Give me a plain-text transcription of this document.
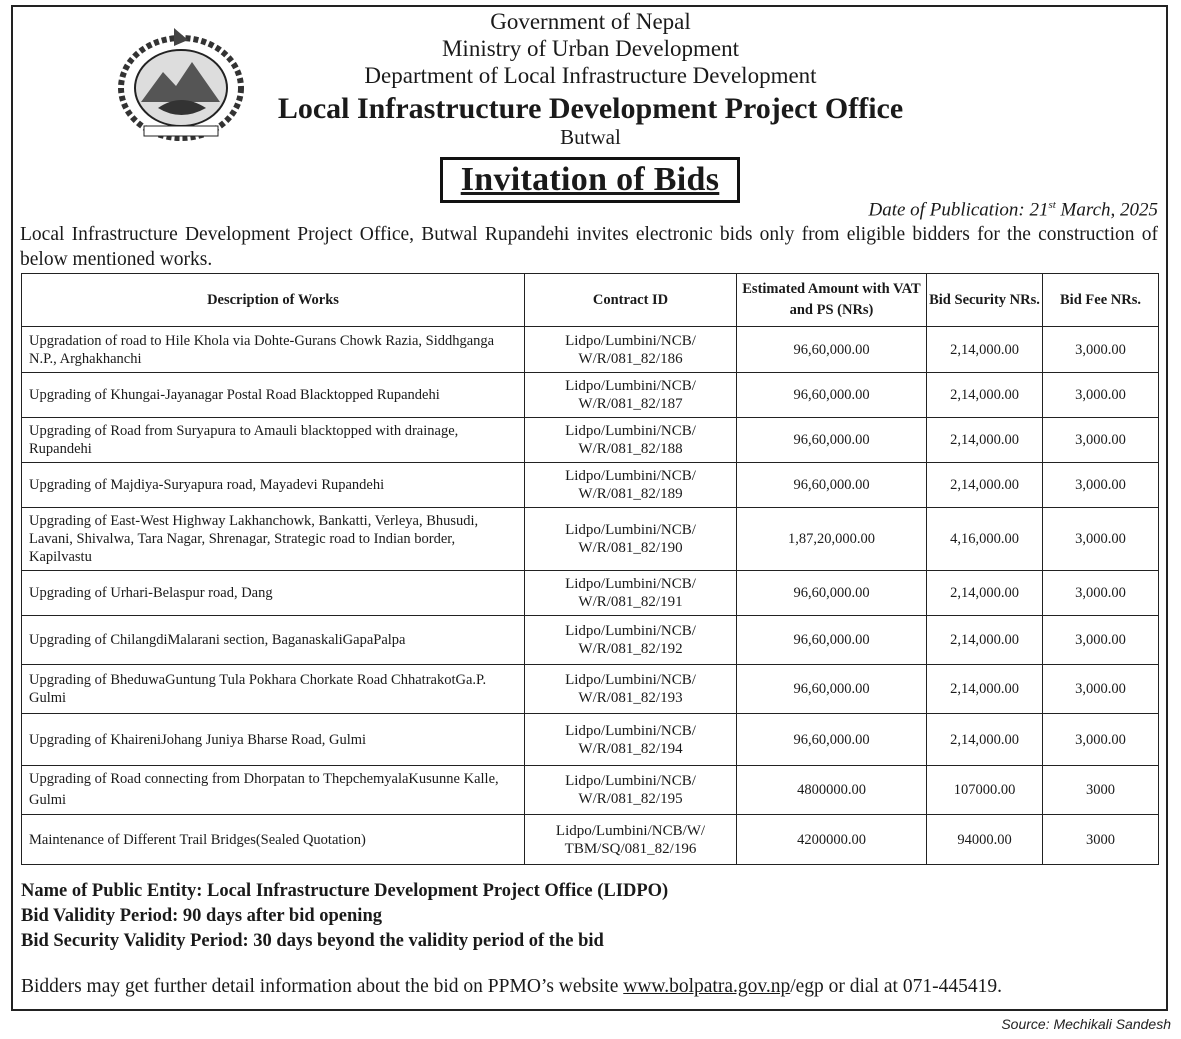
Government of Nepal
Ministry of Urban Development
Department of Local Infrastructure Development
Local Infrastructure Development Project Office
Butwal
Invitation of Bids
Date of Publication: 21st March, 2025
Local Infrastructure Development Project Office, Butwal Rupandehi invites electronic bids only from eligible bidders for the construction of below mentioned works.
Description of Works	Contract ID	Estimated Amount with VAT and PS (NRs)	Bid Security NRs.	Bid Fee NRs.
Upgradation of road to Hile Khola via Dohte-Gurans Chowk Razia, Siddhganga N.P., Arghakhanchi	Lidpo/Lumbini/NCB/ W/R/081_82/186	96,60,000.00	2,14,000.00	3,000.00
Upgrading of Khungai-Jayanagar Postal Road Blacktopped Rupandehi	Lidpo/Lumbini/NCB/ W/R/081_82/187	96,60,000.00	2,14,000.00	3,000.00
Upgrading of Road from Suryapura to Amauli blacktopped with drainage, Rupandehi	Lidpo/Lumbini/NCB/ W/R/081_82/188	96,60,000.00	2,14,000.00	3,000.00
Upgrading of Majdiya-Suryapura road, Mayadevi Rupandehi	Lidpo/Lumbini/NCB/ W/R/081_82/189	96,60,000.00	2,14,000.00	3,000.00
Upgrading of East-West Highway Lakhanchowk, Bankatti, Verleya, Bhusudi, Lavani, Shivalwa, Tara Nagar, Shrenagar, Strategic road to Indian border, Kapilvastu	Lidpo/Lumbini/NCB/ W/R/081_82/190	1,87,20,000.00	4,16,000.00	3,000.00
Upgrading of Urhari-Belaspur road, Dang	Lidpo/Lumbini/NCB/ W/R/081_82/191	96,60,000.00	2,14,000.00	3,000.00
Upgrading of ChilangdiMalarani section, BaganaskaliGapaPalpa	Lidpo/Lumbini/NCB/ W/R/081_82/192	96,60,000.00	2,14,000.00	3,000.00
Upgrading of BheduwaGuntung Tula Pokhara Chorkate Road ChhatrakotGa.P. Gulmi	Lidpo/Lumbini/NCB/ W/R/081_82/193	96,60,000.00	2,14,000.00	3,000.00
Upgrading of KhaireniJohang Juniya Bharse Road, Gulmi	Lidpo/Lumbini/NCB/ W/R/081_82/194	96,60,000.00	2,14,000.00	3,000.00
Upgrading of Road connecting from Dhorpatan to ThepchemyalaKusunne Kalle, Gulmi	Lidpo/Lumbini/NCB/ W/R/081_82/195	4800000.00	107000.00	3000
Maintenance of Different Trail Bridges(Sealed Quotation)	Lidpo/Lumbini/NCB/W/ TBM/SQ/081_82/196	4200000.00	94000.00	3000
Name of Public Entity: Local Infrastructure Development Project Office (LIDPO)
Bid Validity Period: 90 days after bid opening
Bid Security Validity Period: 30 days beyond the validity period of the bid
Bidders may get further detail information about the bid on PPMO’s website www.bolpatra.gov.np/egp or dial at 071-445419.
Source: Mechikali Sandesh
